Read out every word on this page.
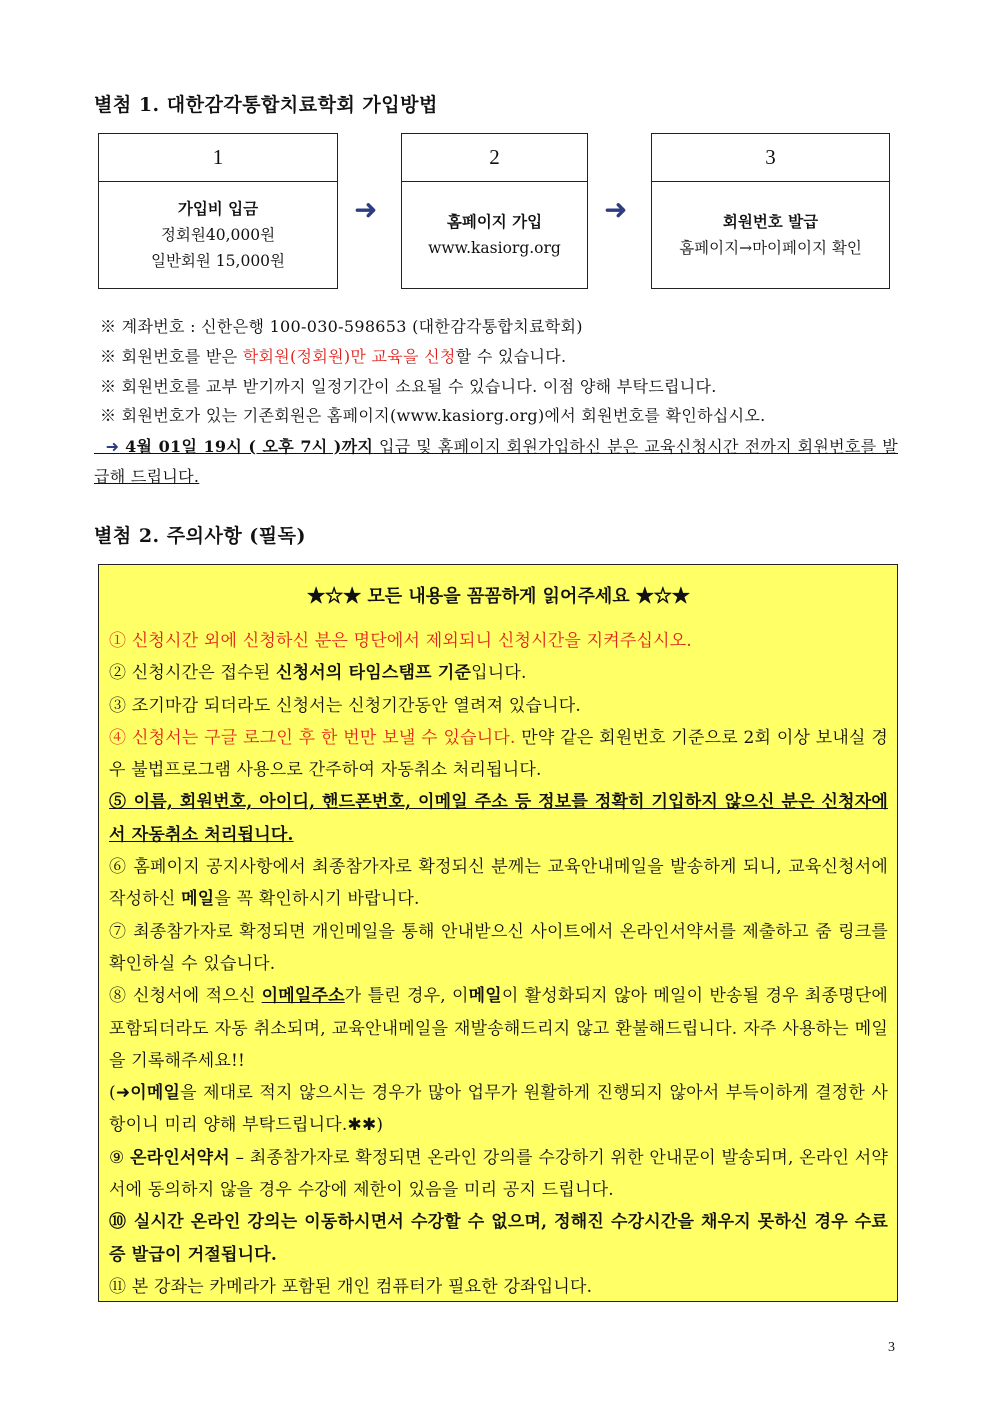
별첨 1. 대한감각통합치료학회 가입방법
1
가입비 입금
정회원40,000원
일반회원 15,000원
➜
2
홈페이지 가입
www.kasiorg.org
➜
3
회원번호 발급
홈페이지→마이페이지 확인
※ 계좌번호 : 신한은행 100-030-598653 (대한감각통합치료학회)
※ 회원번호를 받은 학회원(정회원)만 교육을 신청할 수 있습니다.
※ 회원번호를 교부 받기까지 일정기간이 소요될 수 있습니다. 이점 양해 부탁드립니다.
※ 회원번호가 있는 기존회원은 홈페이지(www.kasiorg.org)에서 회원번호를 확인하십시오.
➜ 4월 01일 19시 ( 오후 7시 )까지 입금 및 홈페이지 회원가입하신 분은 교육신청시간 전까지 회원번호를 발급해 드립니다.
별첨 2. 주의사항 (필독)
★☆★ 모든 내용을 꼼꼼하게 읽어주세요 ★☆★
① 신청시간 외에 신청하신 분은 명단에서 제외되니 신청시간을 지켜주십시오.
② 신청시간은 접수된 신청서의 타임스탬프 기준입니다.
③ 조기마감 되더라도 신청서는 신청기간동안 열려져 있습니다.
④ 신청서는 구글 로그인 후 한 번만 보낼 수 있습니다. 만약 같은 회원번호 기준으로 2회 이상 보내실 경우 불법프로그램 사용으로 간주하여 자동취소 처리됩니다.
⑤ 이름, 회원번호, 아이디, 핸드폰번호, 이메일 주소 등 정보를 정확히 기입하지 않으신 분은 신청자에서 자동취소 처리됩니다.
⑥ 홈페이지 공지사항에서 최종참가자로 확정되신 분께는 교육안내메일을 발송하게 되니, 교육신청서에 작성하신 메일을 꼭 확인하시기 바랍니다.
⑦ 최종참가자로 확정되면 개인메일을 통해 안내받으신 사이트에서 온라인서약서를 제출하고 줌 링크를 확인하실 수 있습니다.
⑧ 신청서에 적으신 이메일주소가 틀린 경우, 이메일이 활성화되지 않아 메일이 반송될 경우 최종명단에 포함되더라도 자동 취소되며, 교육안내메일을 재발송해드리지 않고 환불해드립니다. 자주 사용하는 메일을 기록해주세요!!
(➜이메일을 제대로 적지 않으시는 경우가 많아 업무가 원활하게 진행되지 않아서 부득이하게 결정한 사항이니 미리 양해 부탁드립니다.✱✱)
⑨ 온라인서약서 – 최종참가자로 확정되면 온라인 강의를 수강하기 위한 안내문이 발송되며, 온라인 서약서에 동의하지 않을 경우 수강에 제한이 있음을 미리 공지 드립니다.
⑩ 실시간 온라인 강의는 이동하시면서 수강할 수 없으며, 정해진 수강시간을 채우지 못하신 경우 수료증 발급이 거절됩니다.
⑪ 본 강좌는 카메라가 포함된 개인 컴퓨터가 필요한 강좌입니다.
3
